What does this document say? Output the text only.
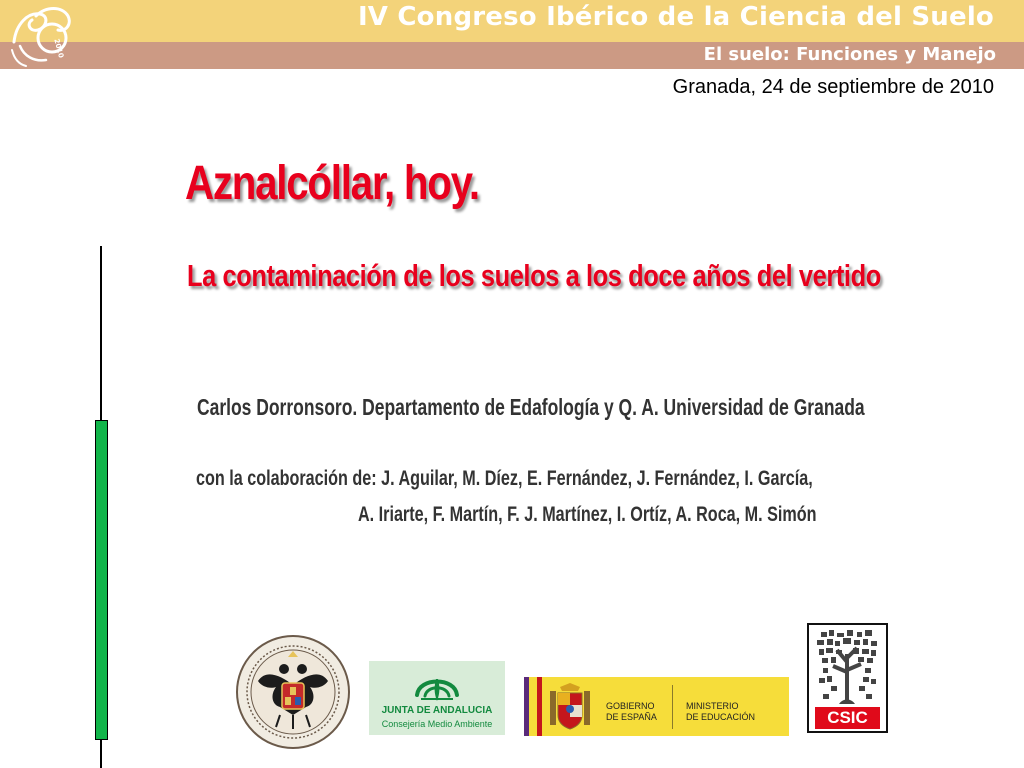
2010
IV Congreso Ibérico de la Ciencia del Suelo
El suelo: Funciones y Manejo
Granada, 24 de septiembre de 2010
Aznalcóllar, hoy.
La contaminación de los suelos a los doce años del vertido
Carlos Dorronsoro. Departamento de Edafología y Q. A. Universidad de Granada
con la colaboración de: J. Aguilar, M. Díez, E. Fernández, J. Fernández, I. García,
A. Iriarte, F. Martín, F. J. Martínez, I. Ortíz, A. Roca, M. Simón
JUNTA DE ANDALUCIA
Consejería Medio Ambiente
GOBIERNO
DE ESPAÑA
MINISTERIO
DE EDUCACIÓN	CSIC
